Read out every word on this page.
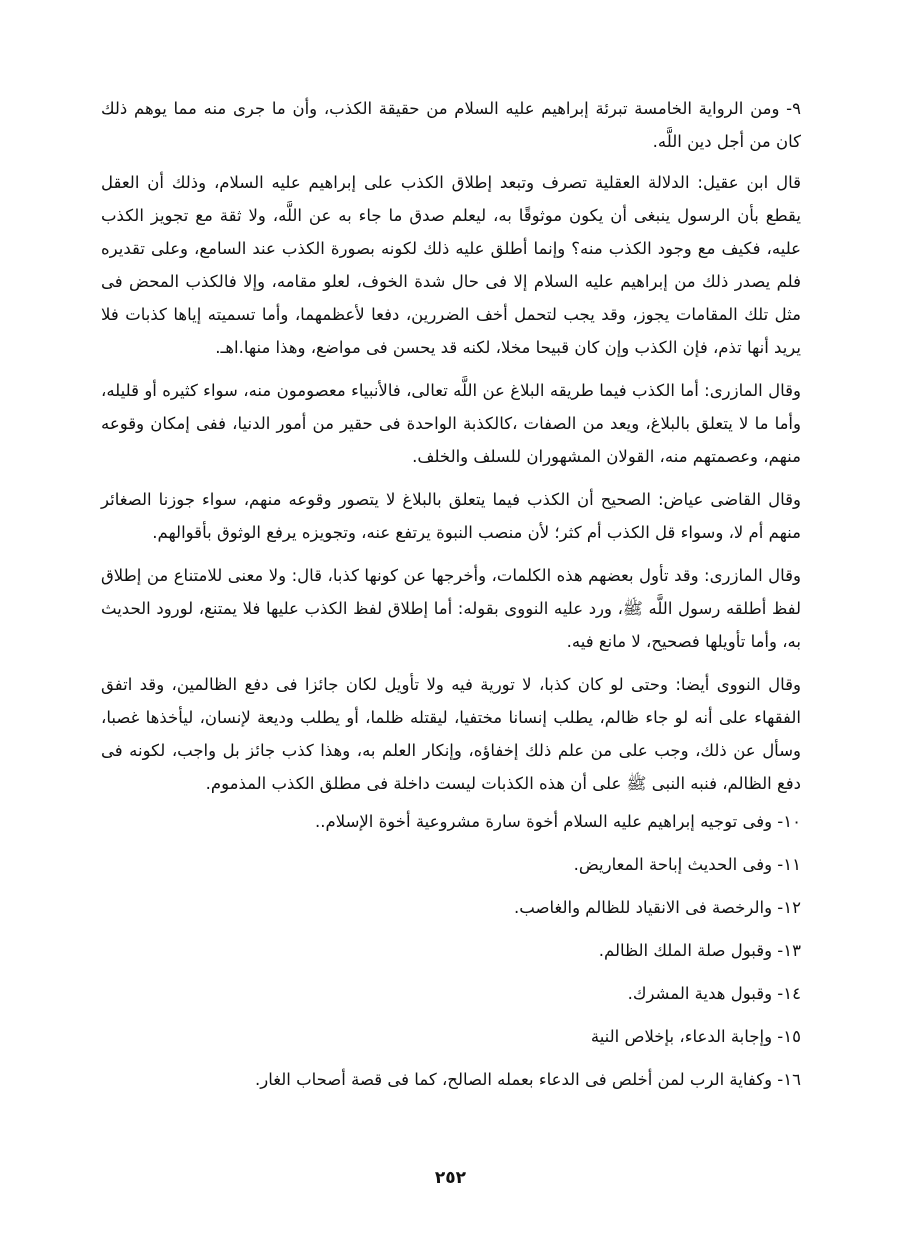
٩- ومن الرواية الخامسة تبرئة إبراهيم عليه السلام من حقيقة الكذب، وأن ما جرى منه مما يوهم ذلك كان من أجل دين اللَّه.

قال ابن عقيل: الدلالة العقلية تصرف وتبعد إطلاق الكذب على إبراهيم عليه السلام، وذلك أن العقل يقطع بأن الرسول ينبغى أن يكون موثوقًا به، ليعلم صدق ما جاء به عن اللَّه، ولا ثقة مع تجويز الكذب عليه، فكيف مع وجود الكذب منه؟ وإنما أطلق عليه ذلك لكونه بصورة الكذب عند السامع، وعلى تقديره فلم يصدر ذلك من إبراهيم عليه السلام إلا فى حال شدة الخوف، لعلو مقامه، وإلا فالكذب المحض فى مثل تلك المقامات يجوز، وقد يجب لتحمل أخف الضررين، دفعا لأعظمهما، وأما تسميته إياها كذبات فلا يريد أنها تذم، فإن الكذب وإن كان قبيحا مخلا، لكنه قد يحسن فى مواضع، وهذا منها.اهـ.

وقال المازرى: أما الكذب فيما طريقه البلاغ عن اللَّه تعالى، فالأنبياء معصومون منه، سواء كثيره أو قليله، وأما ما لا يتعلق بالبلاغ، ويعد من الصفات ،كالكذبة الواحدة فى حقير من أمور الدنيا، ففى إمكان وقوعه منهم، وعصمتهم منه، القولان المشهوران للسلف والخلف.

وقال القاضى عياض: الصحيح أن الكذب فيما يتعلق بالبلاغ لا يتصور وقوعه منهم، سواء جوزنا الصغائر منهم أم لا، وسواء قل الكذب أم كثر؛ لأن منصب النبوة يرتفع عنه، وتجويزه يرفع الوثوق بأقوالهم.

وقال المازرى: وقد تأول بعضهم هذه الكلمات، وأخرجها عن كونها كذبا، قال: ولا معنى للامتناع من إطلاق لفظ أطلقه رسول اللَّه ﷺ، ورد عليه النووى بقوله: أما إطلاق لفظ الكذب عليها فلا يمتنع، لورود الحديث به، وأما تأويلها فصحيح، لا مانع فيه.

وقال النووى أيضا: وحتى لو كان كذبا، لا تورية فيه ولا تأويل لكان جائزا فى دفع الظالمين، وقد اتفق الفقهاء على أنه لو جاء ظالم، يطلب إنسانا مختفيا، ليقتله ظلما، أو يطلب وديعة لإنسان، ليأخذها غصبا، وسأل عن ذلك، وجب على من علم ذلك إخفاؤه، وإنكار العلم به، وهذا كذب جائز بل واجب، لكونه فى دفع الظالم، فنبه النبى ﷺ على أن هذه الكذبات ليست داخلة فى مطلق الكذب المذموم.

١٠- وفى توجيه إبراهيم عليه السلام أخوة سارة مشروعية أخوة الإسلام..
١١- وفى الحديث إباحة المعاريض.
١٢- والرخصة فى الانقياد للظالم والغاصب.
١٣- وقبول صلة الملك الظالم.
١٤- وقبول هدية المشرك.
١٥- وإجابة الدعاء، بإخلاص النية
١٦- وكفاية الرب لمن أخلص فى الدعاء بعمله الصالح، كما فى قصة أصحاب الغار.
٢٥٢
